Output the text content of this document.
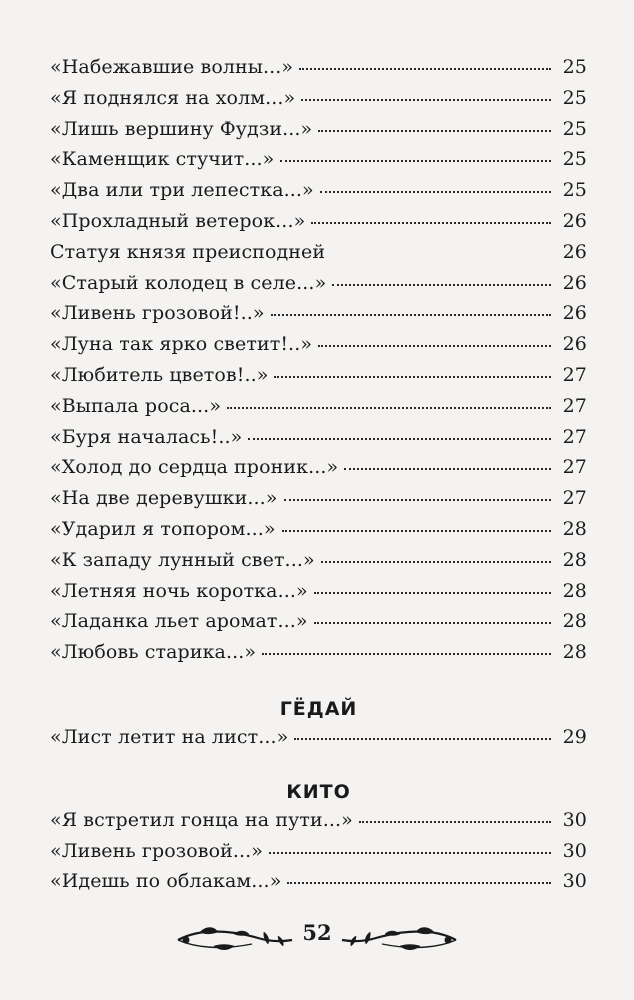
«Набежавшие волны...»	25
«Я поднялся на холм...»	25
«Лишь вершину Фудзи...»	25
«Каменщик стучит...»	25
«Два или три лепестка...»	25
«Прохладный ветерок...»	26
Статуя князя преисподней	26
«Старый колодец в селе...»	26
«Ливень грозовой!..»	26
«Луна так ярко светит!..»	26
«Любитель цветов!..»	27
«Выпала роса...»	27
«Буря началась!..»	27
«Холод до сердца проник...»	27
«На две деревушки...»	27
«Ударил я топором...»	28
«К западу лунный свет...»	28
«Летняя ночь коротка...»	28
«Ладанка льет аромат...»	28
«Любовь старика...»	28
ГЁДАЙ
«Лист летит на лист...»	29
КИТО
«Я встретил гонца на пути...»	30
«Ливень грозовой...»	30
«Идешь по облакам...»	30
52
